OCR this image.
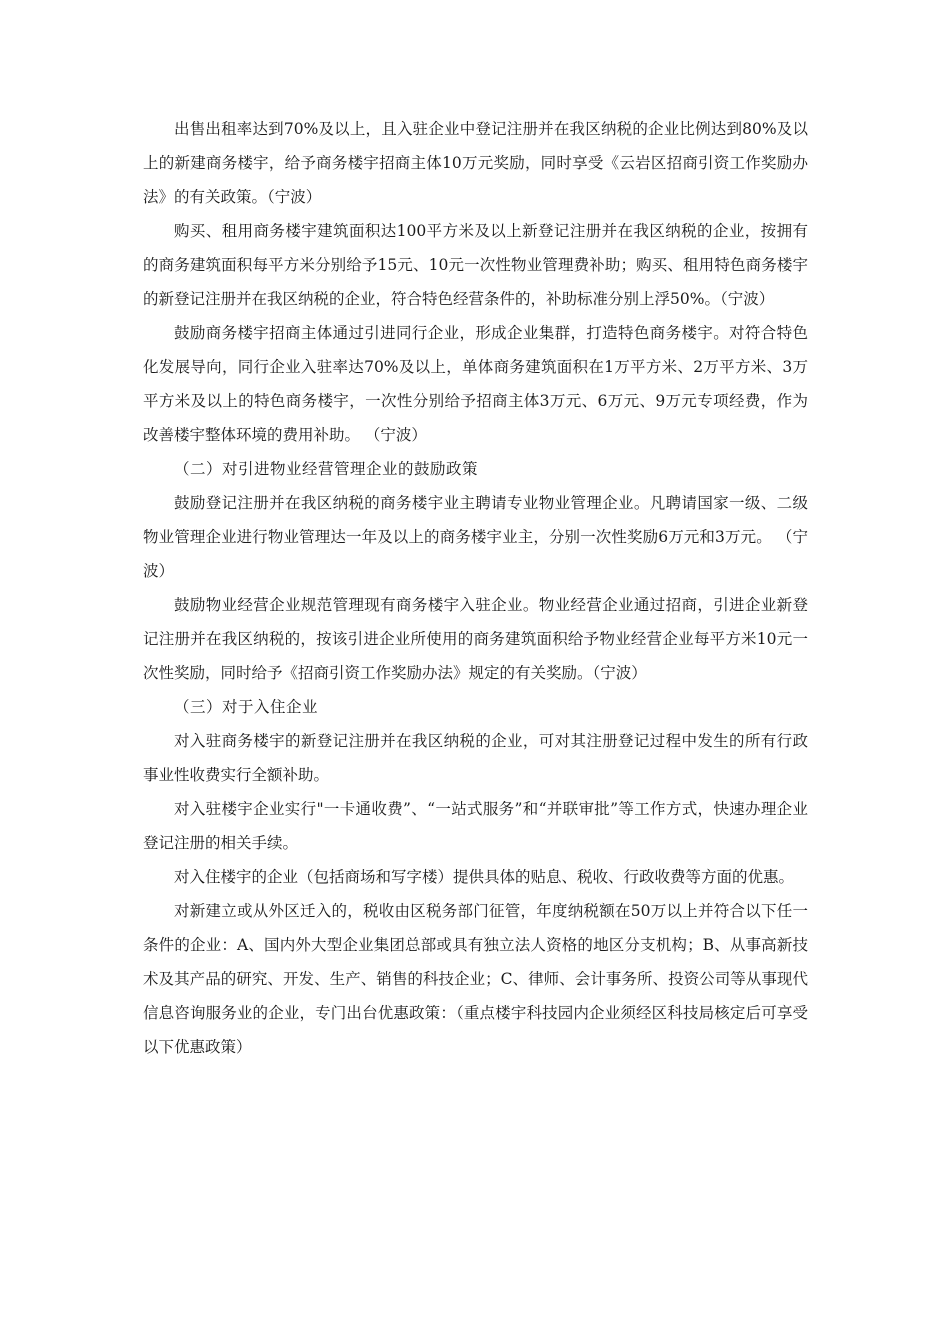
出售出租率达到70%及以上，且入驻企业中登记注册并在我区纳税的企业比例达到80%及以上的新建商务楼宇，给予商务楼宇招商主体10万元奖励，同时享受《云岩区招商引资工作奖励办法》的有关政策。（宁波）

购买、租用商务楼宇建筑面积达100平方米及以上新登记注册并在我区纳税的企业，按拥有的商务建筑面积每平方米分别给予15元、10元一次性物业管理费补助；购买、租用特色商务楼宇的新登记注册并在我区纳税的企业，符合特色经营条件的，补助标准分别上浮50%。（宁波）

鼓励商务楼宇招商主体通过引进同行企业，形成企业集群，打造特色商务楼宇。对符合特色化发展导向，同行企业入驻率达70%及以上，单体商务建筑面积在1万平方米、2万平方米、3万平方米及以上的特色商务楼宇，一次性分别给予招商主体3万元、6万元、9万元专项经费，作为改善楼宇整体环境的费用补助。 （宁波）

（二）对引进物业经营管理企业的鼓励政策

鼓励登记注册并在我区纳税的商务楼宇业主聘请专业物业管理企业。凡聘请国家一级、二级物业管理企业进行物业管理达一年及以上的商务楼宇业主，分别一次性奖励6万元和3万元。 （宁波）

鼓励物业经营企业规范管理现有商务楼宇入驻企业。物业经营企业通过招商，引进企业新登记注册并在我区纳税的，按该引进企业所使用的商务建筑面积给予物业经营企业每平方米10元一次性奖励，同时给予《招商引资工作奖励办法》规定的有关奖励。（宁波）

（三）对于入住企业

对入驻商务楼宇的新登记注册并在我区纳税的企业，可对其注册登记过程中发生的所有行政事业性收费实行全额补助。

对入驻楼宇企业实行"一卡通收费”、“一站式服务”和“并联审批”等工作方式，快速办理企业登记注册的相关手续。

对入住楼宇的企业（包括商场和写字楼）提供具体的贴息、税收、行政收费等方面的优惠。

对新建立或从外区迁入的，税收由区税务部门征管，年度纳税额在50万以上并符合以下任一条件的企业：A、国内外大型企业集团总部或具有独立法人资格的地区分支机构；B、从事高新技术及其产品的研究、开发、生产、销售的科技企业；C、律师、会计事务所、投资公司等从事现代信息咨询服务业的企业，专门出台优惠政策：（重点楼宇科技园内企业须经区科技局核定后可享受以下优惠政策）
